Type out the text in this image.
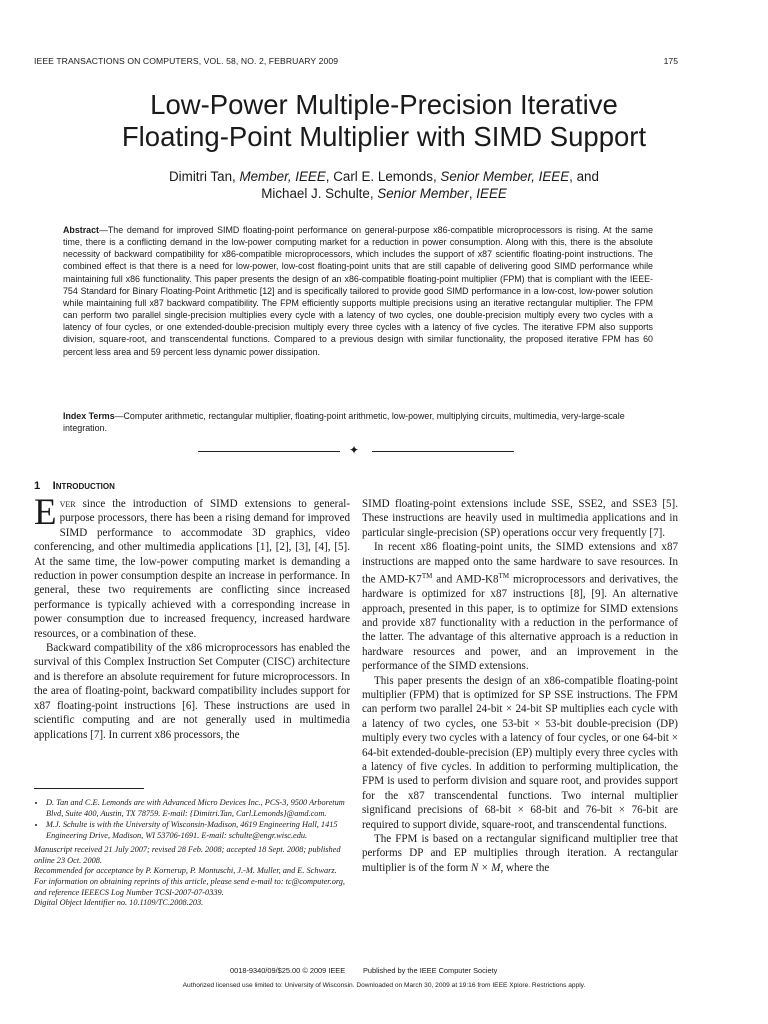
IEEE TRANSACTIONS ON COMPUTERS, VOL. 58, NO. 2, FEBRUARY 2009	175
Low-Power Multiple-Precision Iterative
Floating-Point Multiplier with SIMD Support
Dimitri Tan, Member, IEEE, Carl E. Lemonds, Senior Member, IEEE, and
Michael J. Schulte, Senior Member, IEEE

Abstract—The demand for improved SIMD floating-point performance on general-purpose x86-compatible microprocessors is rising. At the same time, there is a conflicting demand in the low-power computing market for a reduction in power consumption. Along with this, there is the absolute necessity of backward compatibility for x86-compatible microprocessors, which includes the support of x87 scientific floating-point instructions. The combined effect is that there is a need for low-power, low-cost floating-point units that are still capable of delivering good SIMD performance while maintaining full x86 functionality. This paper presents the design of an x86-compatible floating-point multiplier (FPM) that is compliant with the IEEE-754 Standard for Binary Floating-Point Arithmetic [12] and is specifically tailored to provide good SIMD performance in a low-cost, low-power solution while maintaining full x87 backward compatibility. The FPM efficiently supports multiple precisions using an iterative rectangular multiplier. The FPM can perform two parallel single-precision multiplies every cycle with a latency of two cycles, one double-precision multiply every two cycles with a latency of four cycles, or one extended-double-precision multiply every three cycles with a latency of five cycles. The iterative FPM also supports division, square-root, and transcendental functions. Compared to a previous design with similar functionality, the proposed iterative FPM has 60 percent less area and 59 percent less dynamic power dissipation.

Index Terms—Computer arithmetic, rectangular multiplier, floating-point arithmetic, low-power, multiplying circuits, multimedia, very-large-scale integration.

✦
1 Introduction

Ever since the introduction of SIMD extensions to general-purpose processors, there has been a rising demand for improved SIMD performance to accommodate 3D graphics, video conferencing, and other multimedia applications [1], [2], [3], [4], [5]. At the same time, the low-power computing market is demanding a reduction in power consumption despite an increase in performance. In general, these two requirements are conflicting since increased performance is typically achieved with a corresponding increase in power consumption due to increased frequency, increased hardware resources, or a combination of these.

Backward compatibility of the x86 microprocessors has enabled the survival of this Complex Instruction Set Computer (CISC) architecture and is therefore an absolute requirement for future microprocessors. In the area of floating-point, backward compatibility includes support for x87 floating-point instructions [6]. These instructions are used in scientific computing and are not generally used in multimedia applications [7]. In current x86 processors, the

• D. Tan and C.E. Lemonds are with Advanced Micro Devices Inc., PCS-3, 9500 Arboretum Blvd, Suite 400, Austin, TX 78759. E-mail: {Dimitri.Tan, Carl.Lemonds}@amd.com.
• M.J. Schulte is with the University of Wisconsin-Madison, 4619 Engineering Hall, 1415 Engineering Drive, Madison, WI 53706-1691. E-mail: schulte@engr.wisc.edu.
Manuscript received 21 July 2007; revised 28 Feb. 2008; accepted 18 Sept. 2008; published online 23 Oct. 2008.
Recommended for acceptance by P. Kornerup, P. Montuschi, J.-M. Muller, and E. Schwarz.
For information on obtaining reprints of this article, please send e-mail to: tc@computer.org, and reference IEEECS Log Number TCSI-2007-07-0339.
Digital Object Identifier no. 10.1109/TC.2008.203.

SIMD floating-point extensions include SSE, SSE2, and SSE3 [5]. These instructions are heavily used in multimedia applications and in particular single-precision (SP) operations occur very frequently [7].

In recent x86 floating-point units, the SIMD extensions and x87 instructions are mapped onto the same hardware to save resources. In the AMD-K7™ and AMD-K8™ microprocessors and derivatives, the hardware is optimized for x87 instructions [8], [9]. An alternative approach, presented in this paper, is to optimize for SIMD extensions and provide x87 functionality with a reduction in the performance of the latter. The advantage of this alternative approach is a reduction in hardware resources and power, and an improvement in the performance of the SIMD extensions.

This paper presents the design of an x86-compatible floating-point multiplier (FPM) that is optimized for SP SSE instructions. The FPM can perform two parallel 24-bit × 24-bit SP multiplies each cycle with a latency of two cycles, one 53-bit × 53-bit double-precision (DP) multiply every two cycles with a latency of four cycles, or one 64-bit × 64-bit extended-double-precision (EP) multiply every three cycles with a latency of five cycles. In addition to performing multiplication, the FPM is used to perform division and square root, and provides support for the x87 transcendental functions. Two internal multiplier significand precisions of 68-bit × 68-bit and 76-bit × 76-bit are required to support divide, square-root, and transcendental functions.

The FPM is based on a rectangular significand multiplier tree that performs DP and EP multiplies through iteration. A rectangular multiplier is of the form N × M, where the

0018-9340/09/$25.00 © 2009 IEEE Published by the IEEE Computer Society
Authorized licensed use limited to: University of Wisconsin. Downloaded on March 30, 2009 at 19:16 from IEEE Xplore. Restrictions apply.
